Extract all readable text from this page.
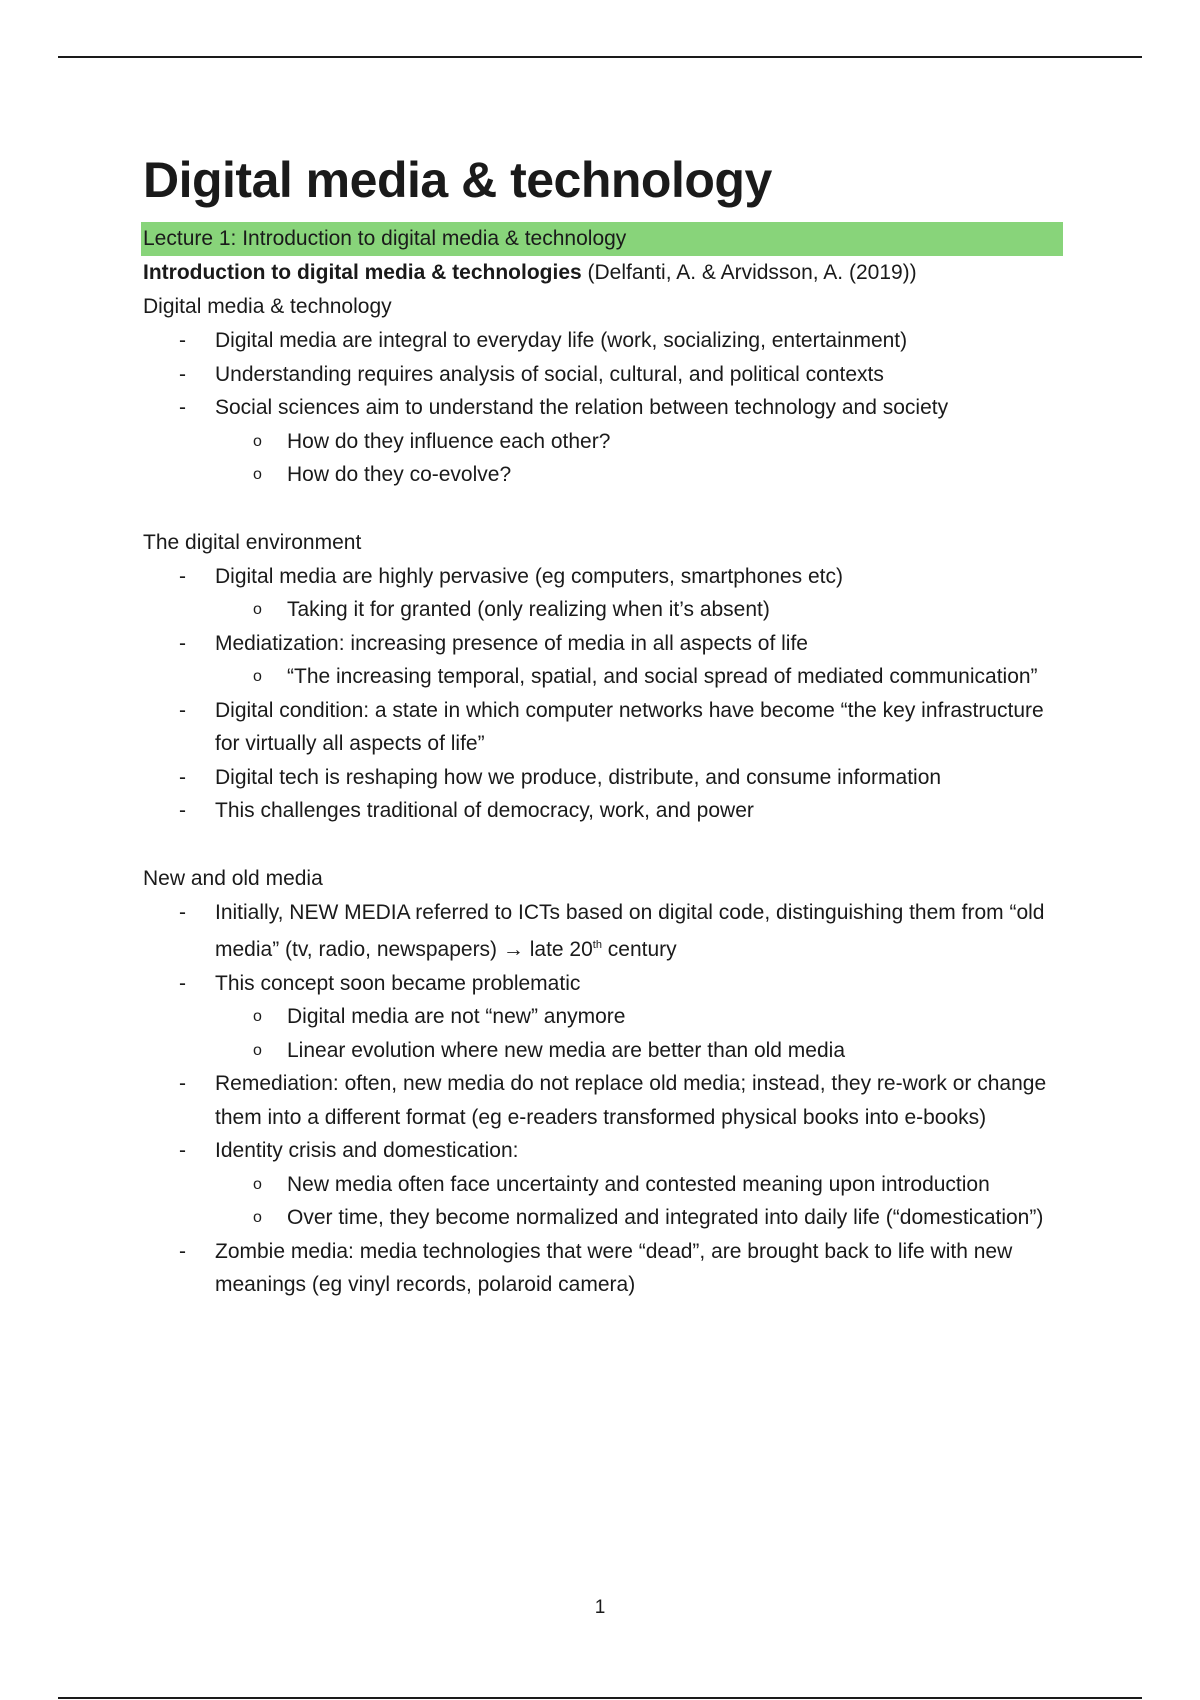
Digital media & technology
Lecture 1: Introduction to digital media & technology
Introduction to digital media & technologies (Delfanti, A. & Arvidsson, A. (2019))
Digital media & technology
- Digital media are integral to everyday life (work, socializing, entertainment)
- Understanding requires analysis of social, cultural, and political contexts
- Social sciences aim to understand the relation between technology and society
o How do they influence each other?
o How do they co-evolve?
The digital environment
- Digital media are highly pervasive (eg computers, smartphones etc)
o Taking it for granted (only realizing when it’s absent)
- Mediatization: increasing presence of media in all aspects of life
o “The increasing temporal, spatial, and social spread of mediated communication”
- Digital condition: a state in which computer networks have become “the key infrastructure for virtually all aspects of life”
- Digital tech is reshaping how we produce, distribute, and consume information
- This challenges traditional of democracy, work, and power
New and old media
- Initially, NEW MEDIA referred to ICTs based on digital code, distinguishing them from “old media” (tv, radio, newspapers) → late 20th century
- This concept soon became problematic
o Digital media are not “new” anymore
o Linear evolution where new media are better than old media
- Remediation: often, new media do not replace old media; instead, they re-work or change them into a different format (eg e-readers transformed physical books into e-books)
- Identity crisis and domestication:
o New media often face uncertainty and contested meaning upon introduction
o Over time, they become normalized and integrated into daily life (“domestication”)
- Zombie media: media technologies that were “dead”, are brought back to life with new meanings (eg vinyl records, polaroid camera)
1
